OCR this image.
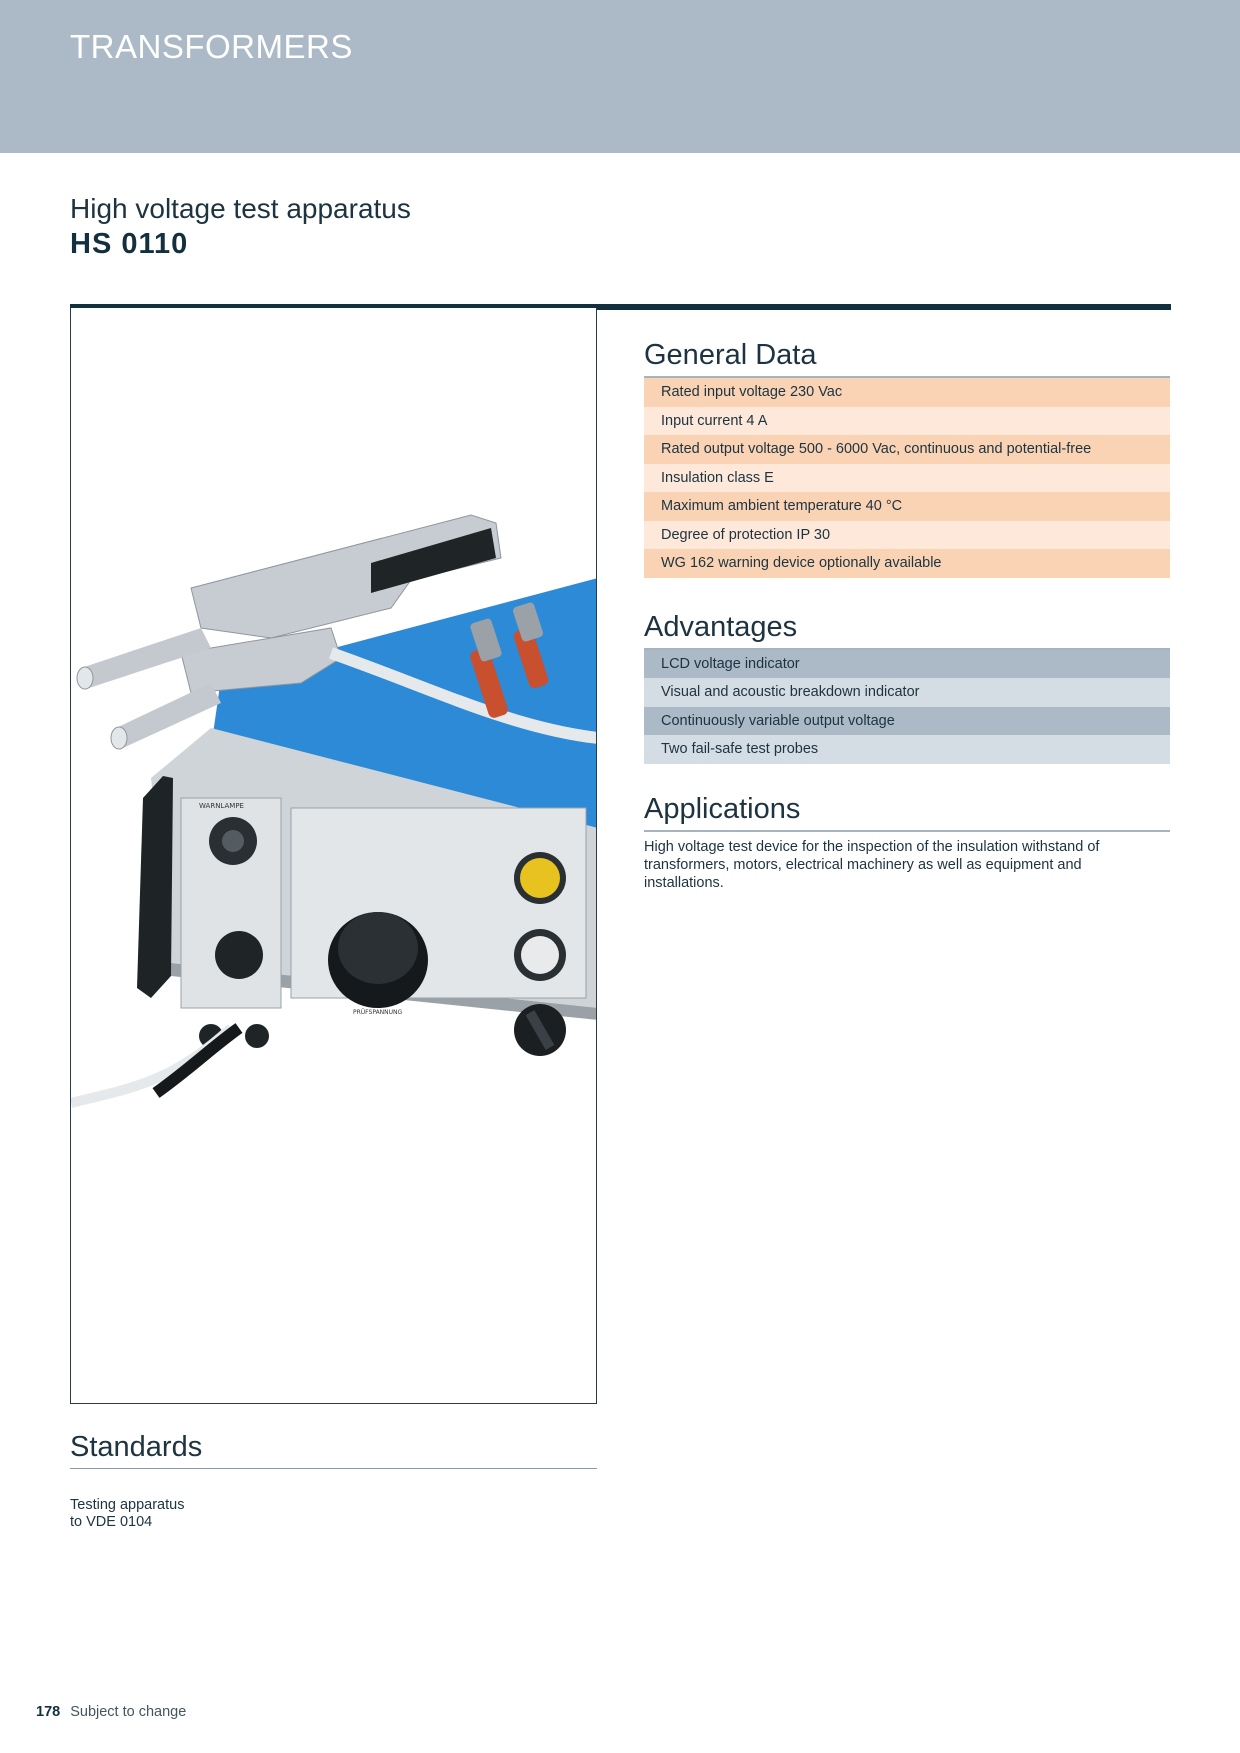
TRANSFORMERS
High voltage test apparatus
HS 0110
WARNLAMPE
PRÜFSPANNUNG
General Data
Rated input voltage 230 Vac
Input current 4 A
Rated output voltage 500 - 6000 Vac, continuous and potential-free
Insulation class E
Maximum ambient temperature 40 °C
Degree of protection IP 30
WG 162 warning device optionally available
Advantages
LCD voltage indicator
Visual and acoustic breakdown indicator
Continuously variable output voltage
Two fail-safe test probes
Applications
High voltage test device for the inspection of the insulation withstand of transformers, motors, electrical machinery as well as equipment and installations.
Standards
Testing apparatus
to VDE 0104
178 Subject to change
